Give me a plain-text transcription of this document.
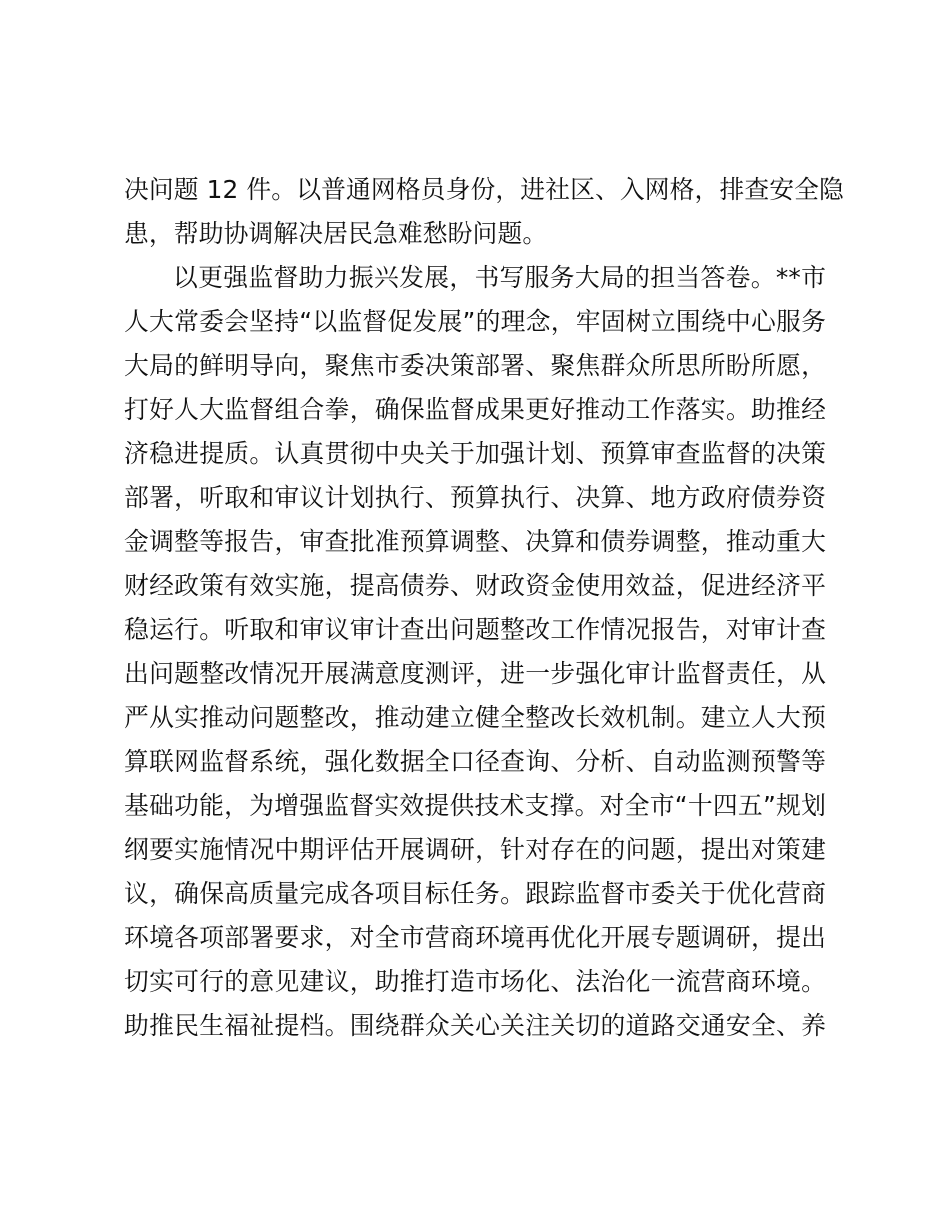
决问题 12 件。以普通网格员身份，进社区、入网格，排查安全隐
患，帮助协调解决居民急难愁盼问题。
以更强监督助力振兴发展，书写服务大局的担当答卷。**市
人大常委会坚持“以监督促发展”的理念，牢固树立围绕中心服务
大局的鲜明导向，聚焦市委决策部署、聚焦群众所思所盼所愿，
打好人大监督组合拳，确保监督成果更好推动工作落实。助推经
济稳进提质。认真贯彻中央关于加强计划、预算审查监督的决策
部署，听取和审议计划执行、预算执行、决算、地方政府债券资
金调整等报告，审查批准预算调整、决算和债券调整，推动重大
财经政策有效实施，提高债券、财政资金使用效益，促进经济平
稳运行。听取和审议审计查出问题整改工作情况报告，对审计查
出问题整改情况开展满意度测评，进一步强化审计监督责任，从
严从实推动问题整改，推动建立健全整改长效机制。建立人大预
算联网监督系统，强化数据全口径查询、分析、自动监测预警等
基础功能，为增强监督实效提供技术支撑。对全市“十四五”规划
纲要实施情况中期评估开展调研，针对存在的问题，提出对策建
议，确保高质量完成各项目标任务。跟踪监督市委关于优化营商
环境各项部署要求，对全市营商环境再优化开展专题调研，提出
切实可行的意见建议，助推打造市场化、法治化一流营商环境。
助推民生福祉提档。围绕群众关心关注关切的道路交通安全、养
